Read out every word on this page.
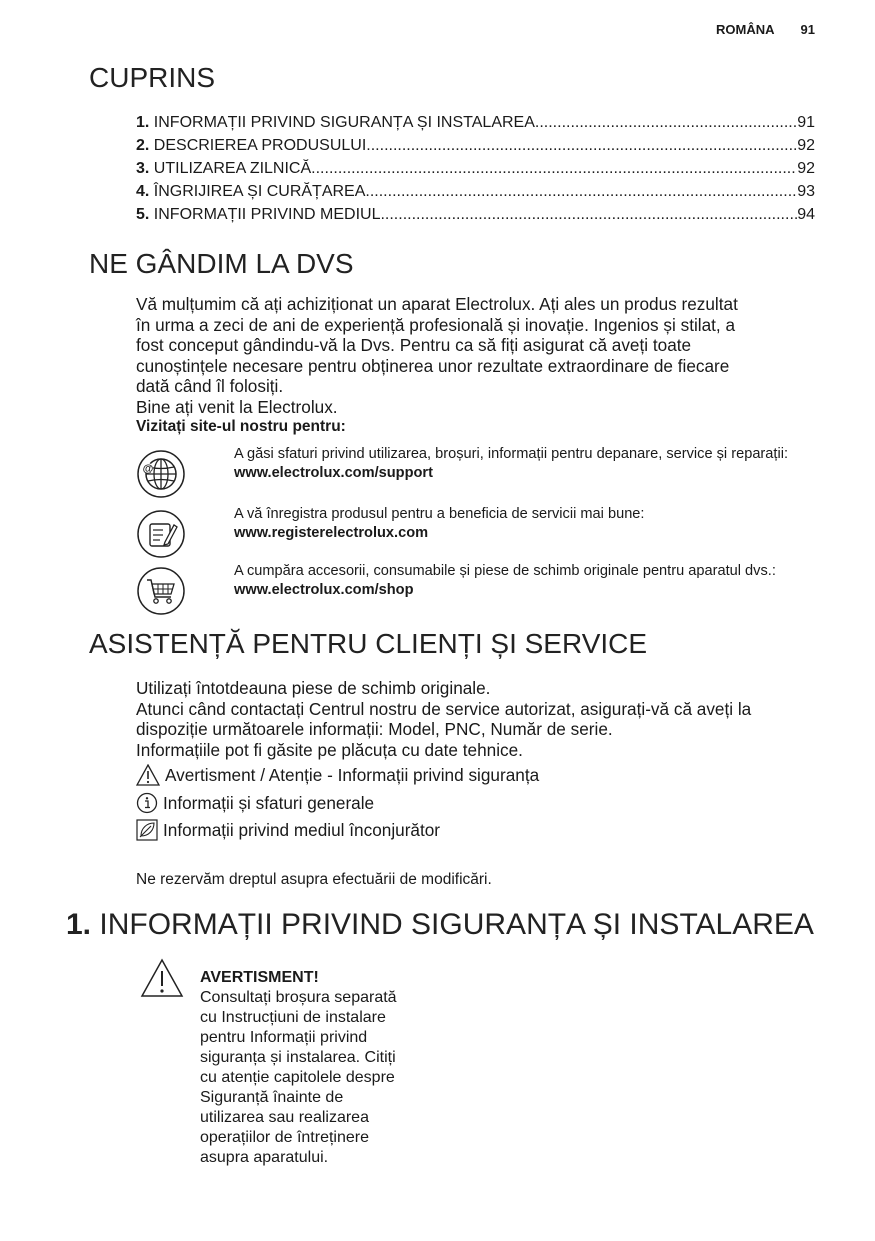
ROMÂNA 91
CUPRINS
1. INFORMAȚII PRIVIND SIGURANȚA ȘI INSTALAREA .....	91
2. DESCRIEREA PRODUSULUI .....	92
3. UTILIZAREA ZILNICĂ .....	92
4. ÎNGRIJIREA ȘI CURĂȚAREA .....	93
5. INFORMAȚII PRIVIND MEDIUL .....	94
NE GÂNDIM LA DVS

Vă mulțumim că ați achiziționat un aparat Electrolux. Ați ales un produs rezultat

în urma a zeci de ani de experiență profesională și inovație. Ingenios și stilat, a

fost conceput gândindu-vă la Dvs. Pentru ca să fiți asigurat că aveți toate

cunoștințele necesare pentru obținerea unor rezultate extraordinare de fiecare

dată când îl folosiți.

Bine ați venit la Electrolux.

Vizitați site-ul nostru pentru:

@
A găsi sfaturi privind utilizarea, broșuri, informații pentru depanare, service și reparații:
www.electrolux.com/support
A vă înregistra produsul pentru a beneficia de servicii mai bune:
www.registerelectrolux.com
A cumpăra accesorii, consumabile și piese de schimb originale pentru aparatul dvs.:
www.electrolux.com/shop
ASISTENȚĂ PENTRU CLIENȚI ȘI SERVICE

Utilizați întotdeauna piese de schimb originale.

Atunci când contactați Centrul nostru de service autorizat, asigurați-vă că aveți la

dispoziție următoarele informații: Model, PNC, Număr de serie.

Informațiile pot fi găsite pe plăcuța cu date tehnice.

Avertisment / Atenție - Informații privind siguranța
Informații și sfaturi generale
Informații privind mediul înconjurător
Ne rezervăm dreptul asupra efectuării de modificări.
1. INFORMAȚII PRIVIND SIGURANȚA ȘI INSTALAREA
AVERTISMENT!
Consultați broșura separată
cu Instrucțiuni de instalare
pentru Informații privind
siguranța și instalarea. Citiți
cu atenție capitolele despre
Siguranță înainte de
utilizarea sau realizarea
operațiilor de întreținere
asupra aparatului.
